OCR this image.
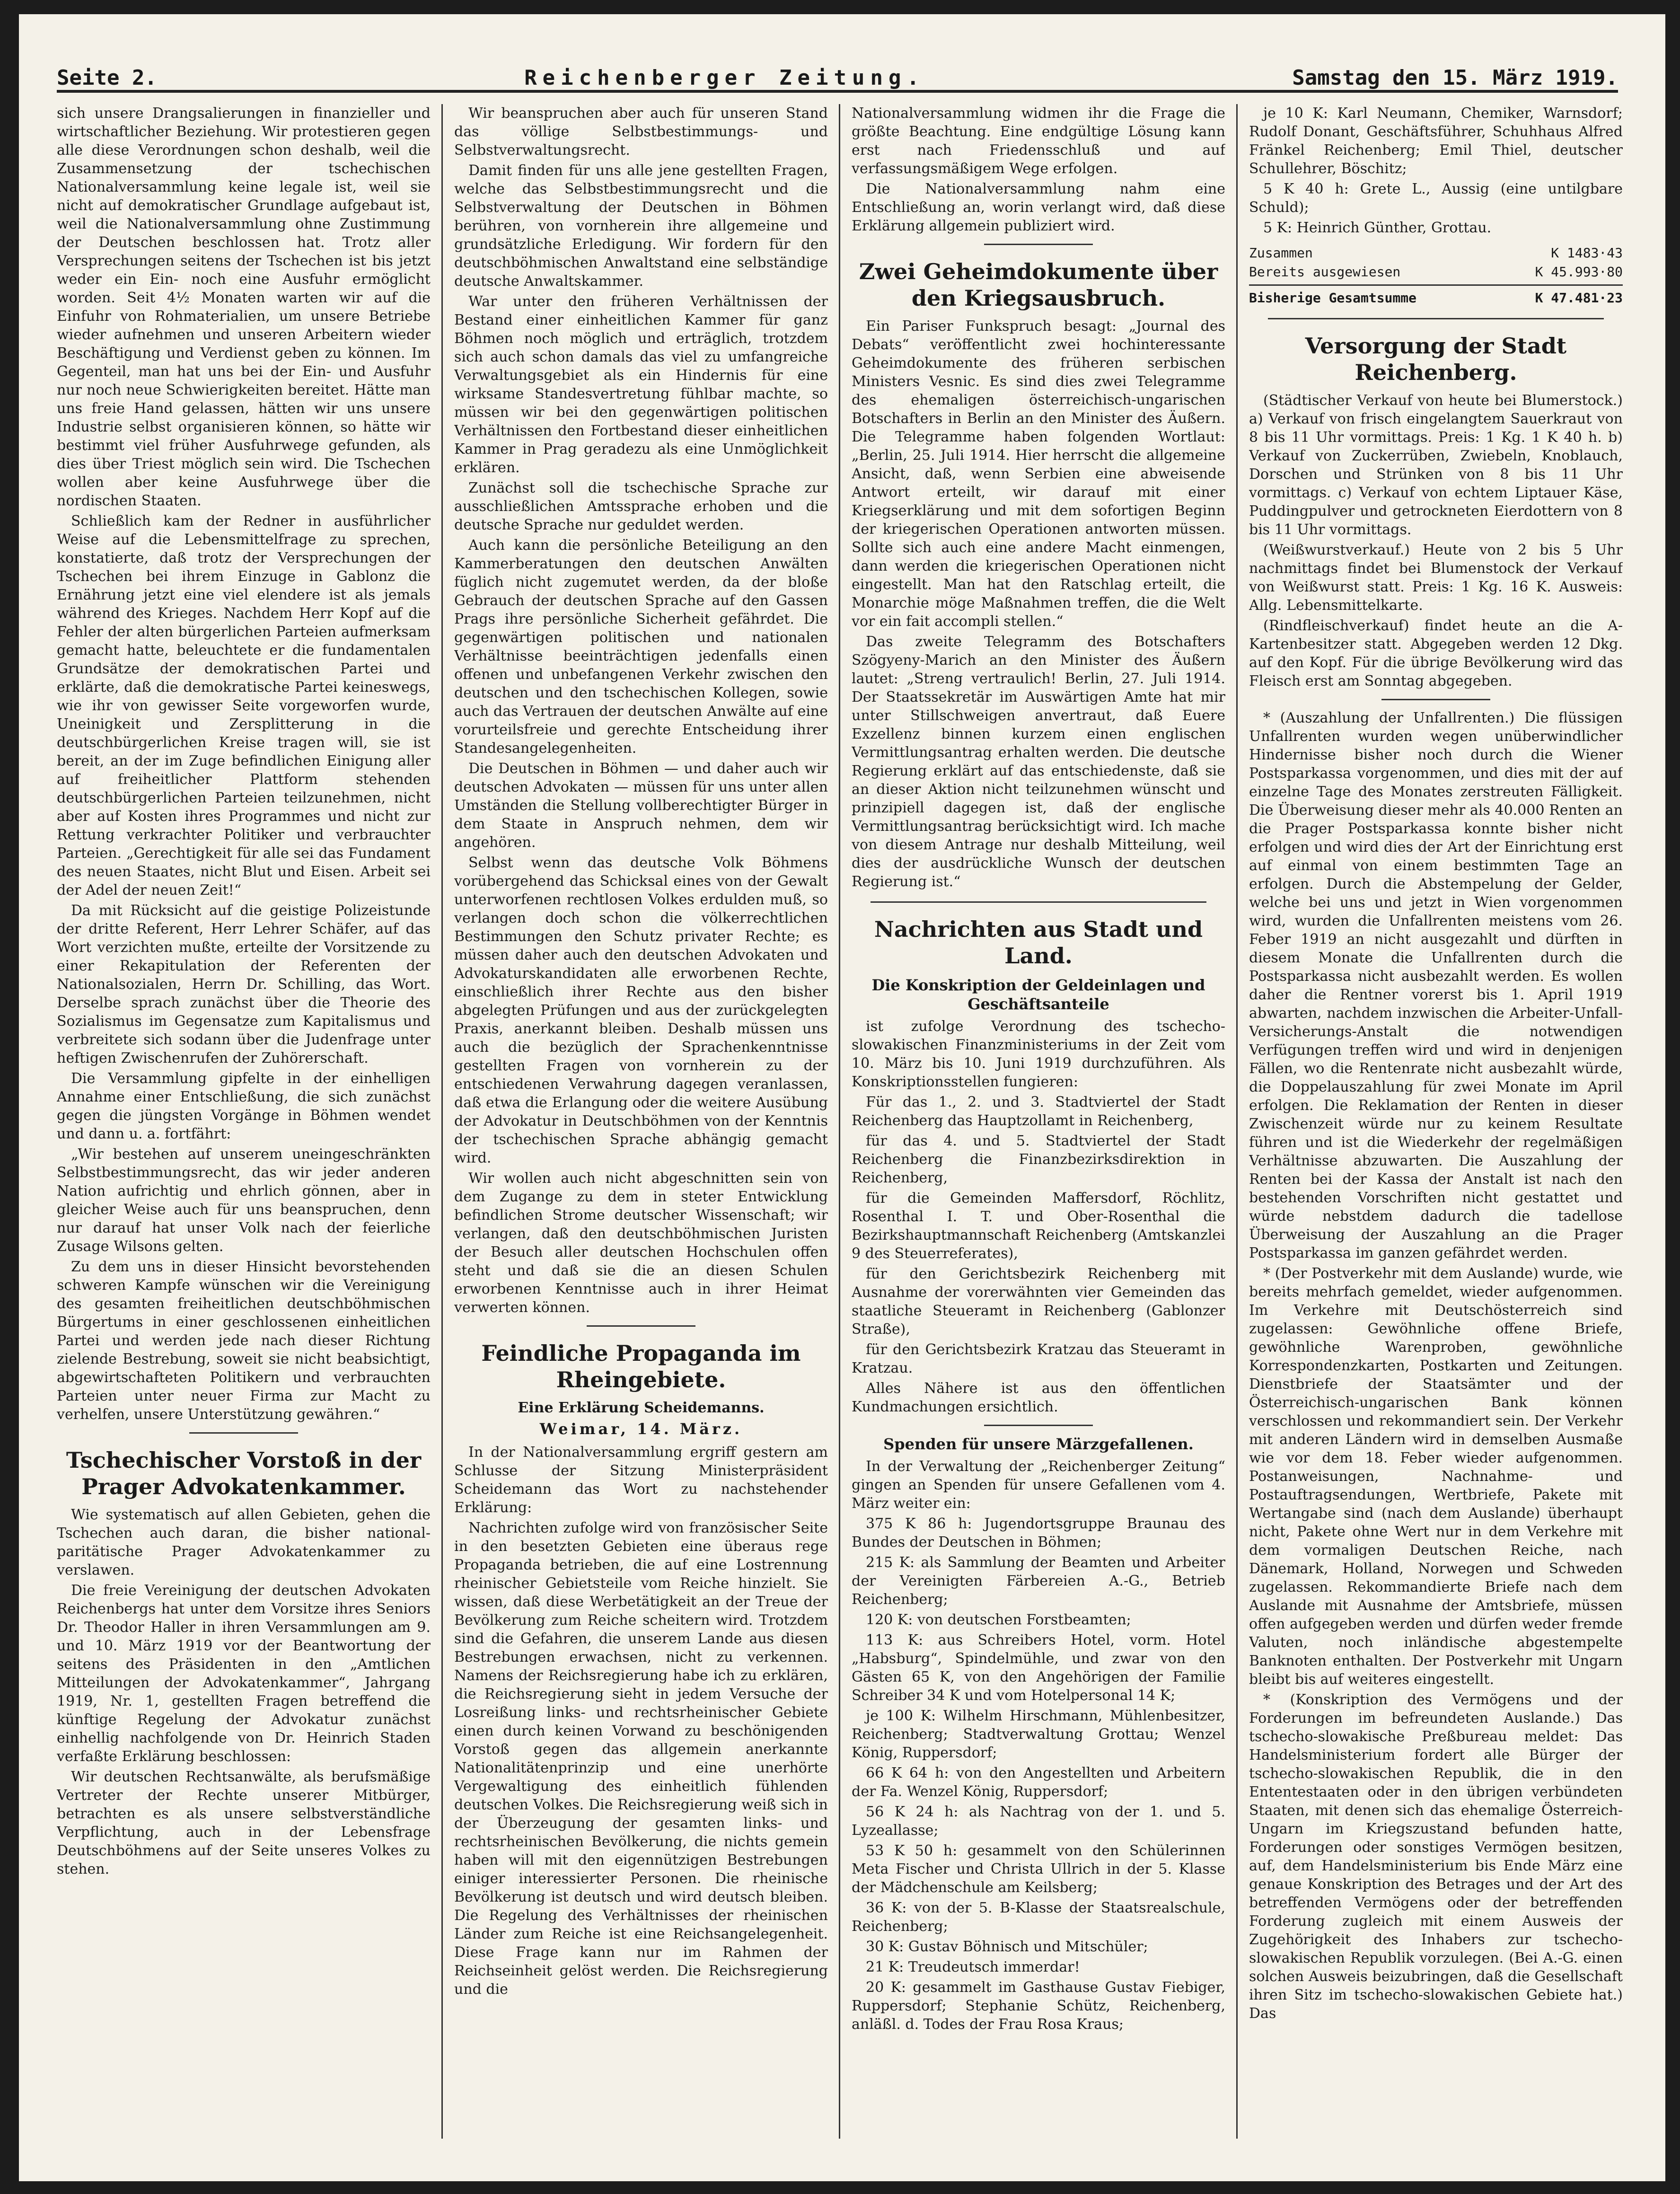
Seite 2.	Reichenberger Zeitung.	Samstag den 15. März 1919.

sich unsere Drangsalierungen in finanzieller und wirtschaftlicher Beziehung. Wir protestieren gegen alle diese Verordnungen schon deshalb, weil die Zusammensetzung der tschechischen Nationalversammlung keine legale ist, weil sie nicht auf demokratischer Grundlage aufgebaut ist, weil die Nationalversammlung ohne Zustimmung der Deutschen beschlossen hat. Trotz aller Versprechungen seitens der Tschechen ist bis jetzt weder ein Ein- noch eine Ausfuhr ermöglicht worden. Seit 4½ Monaten warten wir auf die Einfuhr von Rohmaterialien, um unsere Betriebe wieder aufnehmen und unseren Arbeitern wieder Beschäftigung und Verdienst geben zu können. Im Gegenteil, man hat uns bei der Ein- und Ausfuhr nur noch neue Schwierigkeiten bereitet. Hätte man uns freie Hand gelassen, hätten wir uns unsere Industrie selbst organisieren können, so hätte wir bestimmt viel früher Ausfuhrwege gefunden, als dies über Triest möglich sein wird. Die Tschechen wollen aber keine Ausfuhrwege über die nordischen Staaten.

Schließlich kam der Redner in ausführlicher Weise auf die Lebensmittelfrage zu sprechen, konstatierte, daß trotz der Versprechungen der Tschechen bei ihrem Einzuge in Gablonz die Ernährung jetzt eine viel elendere ist als jemals während des Krieges. Nachdem Herr Kopf auf die Fehler der alten bürgerlichen Parteien aufmerksam gemacht hatte, beleuchtete er die fundamentalen Grundsätze der demokratischen Partei und erklärte, daß die demokratische Partei keineswegs, wie ihr von gewisser Seite vorgeworfen wurde, Uneinigkeit und Zersplitterung in die deutschbürgerlichen Kreise tragen will, sie ist bereit, an der im Zuge befindlichen Einigung aller auf freiheitlicher Plattform stehenden deutschbürgerlichen Parteien teilzunehmen, nicht aber auf Kosten ihres Programmes und nicht zur Rettung verkrachter Politiker und verbrauchter Parteien. „Gerechtigkeit für alle sei das Fundament des neuen Staates, nicht Blut und Eisen. Arbeit sei der Adel der neuen Zeit!“

Da mit Rücksicht auf die geistige Polizeistunde der dritte Referent, Herr Lehrer Schäfer, auf das Wort verzichten mußte, erteilte der Vorsitzende zu einer Rekapitulation der Referenten der Nationalsozialen, Herrn Dr. Schilling, das Wort. Derselbe sprach zunächst über die Theorie des Sozialismus im Gegensatze zum Kapitalismus und verbreitete sich sodann über die Judenfrage unter heftigen Zwischenrufen der Zuhörerschaft.

Die Versammlung gipfelte in der einhelligen Annahme einer Entschließung, die sich zunächst gegen die jüngsten Vorgänge in Böhmen wendet und dann u. a. fortfährt:

„Wir bestehen auf unserem uneingeschränkten Selbstbestimmungsrecht, das wir jeder anderen Nation aufrichtig und ehrlich gönnen, aber in gleicher Weise auch für uns beanspruchen, denn nur darauf hat unser Volk nach der feierliche Zusage Wilsons gelten.

Zu dem uns in dieser Hinsicht bevorstehenden schweren Kampfe wünschen wir die Vereinigung des gesamten freiheitlichen deutschböhmischen Bürgertums in einer geschlossenen einheitlichen Partei und werden jede nach dieser Richtung zielende Bestrebung, soweit sie nicht beabsichtigt, abgewirtschafteten Politikern und verbrauchten Parteien unter neuer Firma zur Macht zu verhelfen, unsere Unterstützung gewähren.“

Tschechischer Vorstoß in der Prager Advokatenkammer.

Wie systematisch auf allen Gebieten, gehen die Tschechen auch daran, die bisher national-paritätische Prager Advokatenkammer zu verslawen.

Die freie Vereinigung der deutschen Advokaten Reichenbergs hat unter dem Vorsitze ihres Seniors Dr. Theodor Haller in ihren Versammlungen am 9. und 10. März 1919 vor der Beantwortung der seitens des Präsidenten in den „Amtlichen Mitteilungen der Advokatenkammer“, Jahrgang 1919, Nr. 1, gestellten Fragen betreffend die künftige Regelung der Advokatur zunächst einhellig nachfolgende von Dr. Heinrich Staden verfaßte Erklärung beschlossen:

Wir deutschen Rechtsanwälte, als berufsmäßige Vertreter der Rechte unserer Mitbürger, betrachten es als unsere selbstverständliche Verpflichtung, auch in der Lebensfrage Deutschböhmens auf der Seite unseres Volkes zu stehen.

Wir beanspruchen aber auch für unseren Stand das völlige Selbstbestimmungs- und Selbstverwaltungsrecht.

Damit finden für uns alle jene gestellten Fragen, welche das Selbstbestimmungsrecht und die Selbstverwaltung der Deutschen in Böhmen berühren, von vornherein ihre allgemeine und grundsätzliche Erledigung. Wir fordern für den deutschböhmischen Anwaltstand eine selbständige deutsche Anwaltskammer.

War unter den früheren Verhältnissen der Bestand einer einheitlichen Kammer für ganz Böhmen noch möglich und erträglich, trotzdem sich auch schon damals das viel zu umfangreiche Verwaltungsgebiet als ein Hindernis für eine wirksame Standesvertretung fühlbar machte, so müssen wir bei den gegenwärtigen politischen Verhältnissen den Fortbestand dieser einheitlichen Kammer in Prag geradezu als eine Unmöglichkeit erklären.

Zunächst soll die tschechische Sprache zur ausschließlichen Amtssprache erhoben und die deutsche Sprache nur geduldet werden.

Auch kann die persönliche Beteiligung an den Kammerberatungen den deutschen Anwälten füglich nicht zugemutet werden, da der bloße Gebrauch der deutschen Sprache auf den Gassen Prags ihre persönliche Sicherheit gefährdet. Die gegenwärtigen politischen und nationalen Verhältnisse beeinträchtigen jedenfalls einen offenen und unbefangenen Verkehr zwischen den deutschen und den tschechischen Kollegen, sowie auch das Vertrauen der deutschen Anwälte auf eine vorurteilsfreie und gerechte Entscheidung ihrer Standesangelegenheiten.

Die Deutschen in Böhmen — und daher auch wir deutschen Advokaten — müssen für uns unter allen Umständen die Stellung vollberechtigter Bürger in dem Staate in Anspruch nehmen, dem wir angehören.

Selbst wenn das deutsche Volk Böhmens vorübergehend das Schicksal eines von der Gewalt unterworfenen rechtlosen Volkes erdulden muß, so verlangen doch schon die völkerrechtlichen Bestimmungen den Schutz privater Rechte; es müssen daher auch den deutschen Advokaten und Advokaturskandidaten alle erworbenen Rechte, einschließlich ihrer Rechte aus den bisher abgelegten Prüfungen und aus der zurückgelegten Praxis, anerkannt bleiben. Deshalb müssen uns auch die bezüglich der Sprachenkenntnisse gestellten Fragen von vornherein zu der entschiedenen Verwahrung dagegen veranlassen, daß etwa die Erlangung oder die weitere Ausübung der Advokatur in Deutschböhmen von der Kenntnis der tschechischen Sprache abhängig gemacht wird.

Wir wollen auch nicht abgeschnitten sein von dem Zugange zu dem in steter Entwicklung befindlichen Strome deutscher Wissenschaft; wir verlangen, daß den deutschböhmischen Juristen der Besuch aller deutschen Hochschulen offen steht und daß sie die an diesen Schulen erworbenen Kenntnisse auch in ihrer Heimat verwerten können.

Feindliche Propaganda im Rheingebiete.
Eine Erklärung Scheidemanns.
Weimar, 14. März.

In der Nationalversammlung ergriff gestern am Schlusse der Sitzung Ministerpräsident Scheidemann das Wort zu nachstehender Erklärung:

Nachrichten zufolge wird von französischer Seite in den besetzten Gebieten eine überaus rege Propaganda betrieben, die auf eine Lostrennung rheinischer Gebietsteile vom Reiche hinzielt. Sie wissen, daß diese Werbetätigkeit an der Treue der Bevölkerung zum Reiche scheitern wird. Trotzdem sind die Gefahren, die unserem Lande aus diesen Bestrebungen erwachsen, nicht zu verkennen. Namens der Reichsregierung habe ich zu erklären, die Reichsregierung sieht in jedem Versuche der Losreißung links- und rechtsrheinischer Gebiete einen durch keinen Vorwand zu beschönigenden Vorstoß gegen das allgemein anerkannte Nationalitätenprinzip und eine unerhörte Vergewaltigung des einheitlich fühlenden deutschen Volkes. Die Reichsregierung weiß sich in der Überzeugung der gesamten links- und rechtsrheinischen Bevölkerung, die nichts gemein haben will mit den eigennützigen Bestrebungen einiger interessierter Personen. Die rheinische Bevölkerung ist deutsch und wird deutsch bleiben. Die Regelung des Verhältnisses der rheinischen Länder zum Reiche ist eine Reichsangelegenheit. Diese Frage kann nur im Rahmen der Reichseinheit gelöst werden. Die Reichsregierung und die

Nationalversammlung widmen ihr die Frage die größte Beachtung. Eine endgültige Lösung kann erst nach Friedensschluß und auf verfassungsmäßigem Wege erfolgen.

Die Nationalversammlung nahm eine Entschließung an, worin verlangt wird, daß diese Erklärung allgemein publiziert wird.

Zwei Geheimdokumente über den Kriegsausbruch.

Ein Pariser Funkspruch besagt: „Journal des Debats“ veröffentlicht zwei hochinteressante Geheimdokumente des früheren serbischen Ministers Vesnic. Es sind dies zwei Telegramme des ehemaligen österreichisch-ungarischen Botschafters in Berlin an den Minister des Äußern. Die Telegramme haben folgenden Wortlaut: „Berlin, 25. Juli 1914. Hier herrscht die allgemeine Ansicht, daß, wenn Serbien eine abweisende Antwort erteilt, wir darauf mit einer Kriegserklärung und mit dem sofortigen Beginn der kriegerischen Operationen antworten müssen. Sollte sich auch eine andere Macht einmengen, dann werden die kriegerischen Operationen nicht eingestellt. Man hat den Ratschlag erteilt, die Monarchie möge Maßnahmen treffen, die die Welt vor ein fait accompli stellen.“

Das zweite Telegramm des Botschafters Szögyeny-Marich an den Minister des Äußern lautet: „Streng vertraulich! Berlin, 27. Juli 1914. Der Staatssekretär im Auswärtigen Amte hat mir unter Stillschweigen anvertraut, daß Euere Exzellenz binnen kurzem einen englischen Vermittlungsantrag erhalten werden. Die deutsche Regierung erklärt auf das entschiedenste, daß sie an dieser Aktion nicht teilzunehmen wünscht und prinzipiell dagegen ist, daß der englische Vermittlungsantrag berücksichtigt wird. Ich mache von diesem Antrage nur deshalb Mitteilung, weil dies der ausdrückliche Wunsch der deutschen Regierung ist.“

Nachrichten aus Stadt und Land.
Die Konskription der Geldeinlagen und Geschäftsanteile

ist zufolge Verordnung des tschecho-slowakischen Finanzministeriums in der Zeit vom 10. März bis 10. Juni 1919 durchzuführen. Als Konskriptionsstellen fungieren:

Für das 1., 2. und 3. Stadtviertel der Stadt Reichenberg das Hauptzollamt in Reichenberg,

für das 4. und 5. Stadtviertel der Stadt Reichenberg die Finanzbezirksdirektion in Reichenberg,

für die Gemeinden Maffersdorf, Röchlitz, Rosenthal I. T. und Ober-Rosenthal die Bezirkshauptmannschaft Reichenberg (Amtskanzlei 9 des Steuerreferates),

für den Gerichtsbezirk Reichenberg mit Ausnahme der vorerwähnten vier Gemeinden das staatliche Steueramt in Reichenberg (Gablonzer Straße),

für den Gerichtsbezirk Kratzau das Steueramt in Kratzau.

Alles Nähere ist aus den öffentlichen Kundmachungen ersichtlich.

Spenden für unsere Märzgefallenen.

In der Verwaltung der „Reichenberger Zeitung“ gingen an Spenden für unsere Gefallenen vom 4. März weiter ein:

375 K 86 h: Jugendortsgruppe Braunau des Bundes der Deutschen in Böhmen;

215 K: als Sammlung der Beamten und Arbeiter der Vereinigten Färbereien A.-G., Betrieb Reichenberg;

120 K: von deutschen Forstbeamten;

113 K: aus Schreibers Hotel, vorm. Hotel „Habsburg“, Spindelmühle, und zwar von den Gästen 65 K, von den Angehörigen der Familie Schreiber 34 K und vom Hotelpersonal 14 K;

je 100 K: Wilhelm Hirschmann, Mühlenbesitzer, Reichenberg; Stadtverwaltung Grottau; Wenzel König, Ruppersdorf;

66 K 64 h: von den Angestellten und Arbeitern der Fa. Wenzel König, Ruppersdorf;

56 K 24 h: als Nachtrag von der 1. und 5. Lyzeallasse;

53 K 50 h: gesammelt von den Schülerinnen Meta Fischer und Christa Ullrich in der 5. Klasse der Mädchenschule am Keilsberg;

36 K: von der 5. B-Klasse der Staatsrealschule, Reichenberg;

30 K: Gustav Böhnisch und Mitschüler;

21 K: Treudeutsch immerdar!

20 K: gesammelt im Gasthause Gustav Fiebiger, Ruppersdorf; Stephanie Schütz, Reichenberg, anläßl. d. Todes der Frau Rosa Kraus;

je 10 K: Karl Neumann, Chemiker, Warnsdorf; Rudolf Donant, Geschäftsführer, Schuhhaus Alfred Fränkel Reichenberg; Emil Thiel, deutscher Schullehrer, Böschitz;

5 K 40 h: Grete L., Aussig (eine untilgbare Schuld);

5 K: Heinrich Günther, Grottau.

Zusammen	K 1483·43
Bereits ausgewiesen	K 45.993·80
Bisherige Gesamtsumme	K 47.481·23
Versorgung der Stadt Reichenberg.

(Städtischer Verkauf von heute bei Blumerstock.) a) Verkauf von frisch eingelangtem Sauerkraut von 8 bis 11 Uhr vormittags. Preis: 1 Kg. 1 K 40 h. b) Verkauf von Zuckerrüben, Zwiebeln, Knoblauch, Dorschen und Strünken von 8 bis 11 Uhr vormittags. c) Verkauf von echtem Liptauer Käse, Puddingpulver und getrockneten Eierdottern von 8 bis 11 Uhr vormittags.

(Weißwurstverkauf.) Heute von 2 bis 5 Uhr nachmittags findet bei Blumenstock der Verkauf von Weißwurst statt. Preis: 1 Kg. 16 K. Ausweis: Allg. Lebensmittelkarte.

(Rindfleischverkauf) findet heute an die A-Kartenbesitzer statt. Abgegeben werden 12 Dkg. auf den Kopf. Für die übrige Bevölkerung wird das Fleisch erst am Sonntag abgegeben.

* (Auszahlung der Unfallrenten.) Die flüssigen Unfallrenten wurden wegen unüberwindlicher Hindernisse bisher noch durch die Wiener Postsparkassa vorgenommen, und dies mit der auf einzelne Tage des Monates zerstreuten Fälligkeit. Die Überweisung dieser mehr als 40.000 Renten an die Prager Postsparkassa konnte bisher nicht erfolgen und wird dies der Art der Einrichtung erst auf einmal von einem bestimmten Tage an erfolgen. Durch die Abstempelung der Gelder, welche bei uns und jetzt in Wien vorgenommen wird, wurden die Unfallrenten meistens vom 26. Feber 1919 an nicht ausgezahlt und dürften in diesem Monate die Unfallrenten durch die Postsparkassa nicht ausbezahlt werden. Es wollen daher die Rentner vorerst bis 1. April 1919 abwarten, nachdem inzwischen die Arbeiter-Unfall-Versicherungs-Anstalt die notwendigen Verfügungen treffen wird und wird in denjenigen Fällen, wo die Rentenrate nicht ausbezahlt würde, die Doppelauszahlung für zwei Monate im April erfolgen. Die Reklamation der Renten in dieser Zwischenzeit würde nur zu keinem Resultate führen und ist die Wiederkehr der regelmäßigen Verhältnisse abzuwarten. Die Auszahlung der Renten bei der Kassa der Anstalt ist nach den bestehenden Vorschriften nicht gestattet und würde nebstdem dadurch die tadellose Überweisung der Auszahlung an die Prager Postsparkassa im ganzen gefährdet werden.

* (Der Postverkehr mit dem Auslande) wurde, wie bereits mehrfach gemeldet, wieder aufgenommen. Im Verkehre mit Deutschösterreich sind zugelassen: Gewöhnliche offene Briefe, gewöhnliche Warenproben, gewöhnliche Korrespondenzkarten, Postkarten und Zeitungen. Dienstbriefe der Staatsämter und der Österreichisch-ungarischen Bank können verschlossen und rekommandiert sein. Der Verkehr mit anderen Ländern wird in demselben Ausmaße wie vor dem 18. Feber wieder aufgenommen. Postanweisungen, Nachnahme- und Postauftragsendungen, Wertbriefe, Pakete mit Wertangabe sind (nach dem Auslande) überhaupt nicht, Pakete ohne Wert nur in dem Verkehre mit dem vormaligen Deutschen Reiche, nach Dänemark, Holland, Norwegen und Schweden zugelassen. Rekommandierte Briefe nach dem Auslande mit Ausnahme der Amtsbriefe, müssen offen aufgegeben werden und dürfen weder fremde Valuten, noch inländische abgestempelte Banknoten enthalten. Der Postverkehr mit Ungarn bleibt bis auf weiteres eingestellt.

* (Konskription des Vermögens und der Forderungen im befreundeten Auslande.) Das tschecho-slowakische Preßbureau meldet: Das Handelsministerium fordert alle Bürger der tschecho-slowakischen Republik, die in den Ententestaaten oder in den übrigen verbündeten Staaten, mit denen sich das ehemalige Österreich-Ungarn im Kriegszustand befunden hatte, Forderungen oder sonstiges Vermögen besitzen, auf, dem Handelsministerium bis Ende März eine genaue Konskription des Betrages und der Art des betreffenden Vermögens oder der betreffenden Forderung zugleich mit einem Ausweis der Zugehörigkeit des Inhabers zur tschecho-slowakischen Republik vorzulegen. (Bei A.-G. einen solchen Ausweis beizubringen, daß die Gesellschaft ihren Sitz im tschecho-slowakischen Gebiete hat.) Das
